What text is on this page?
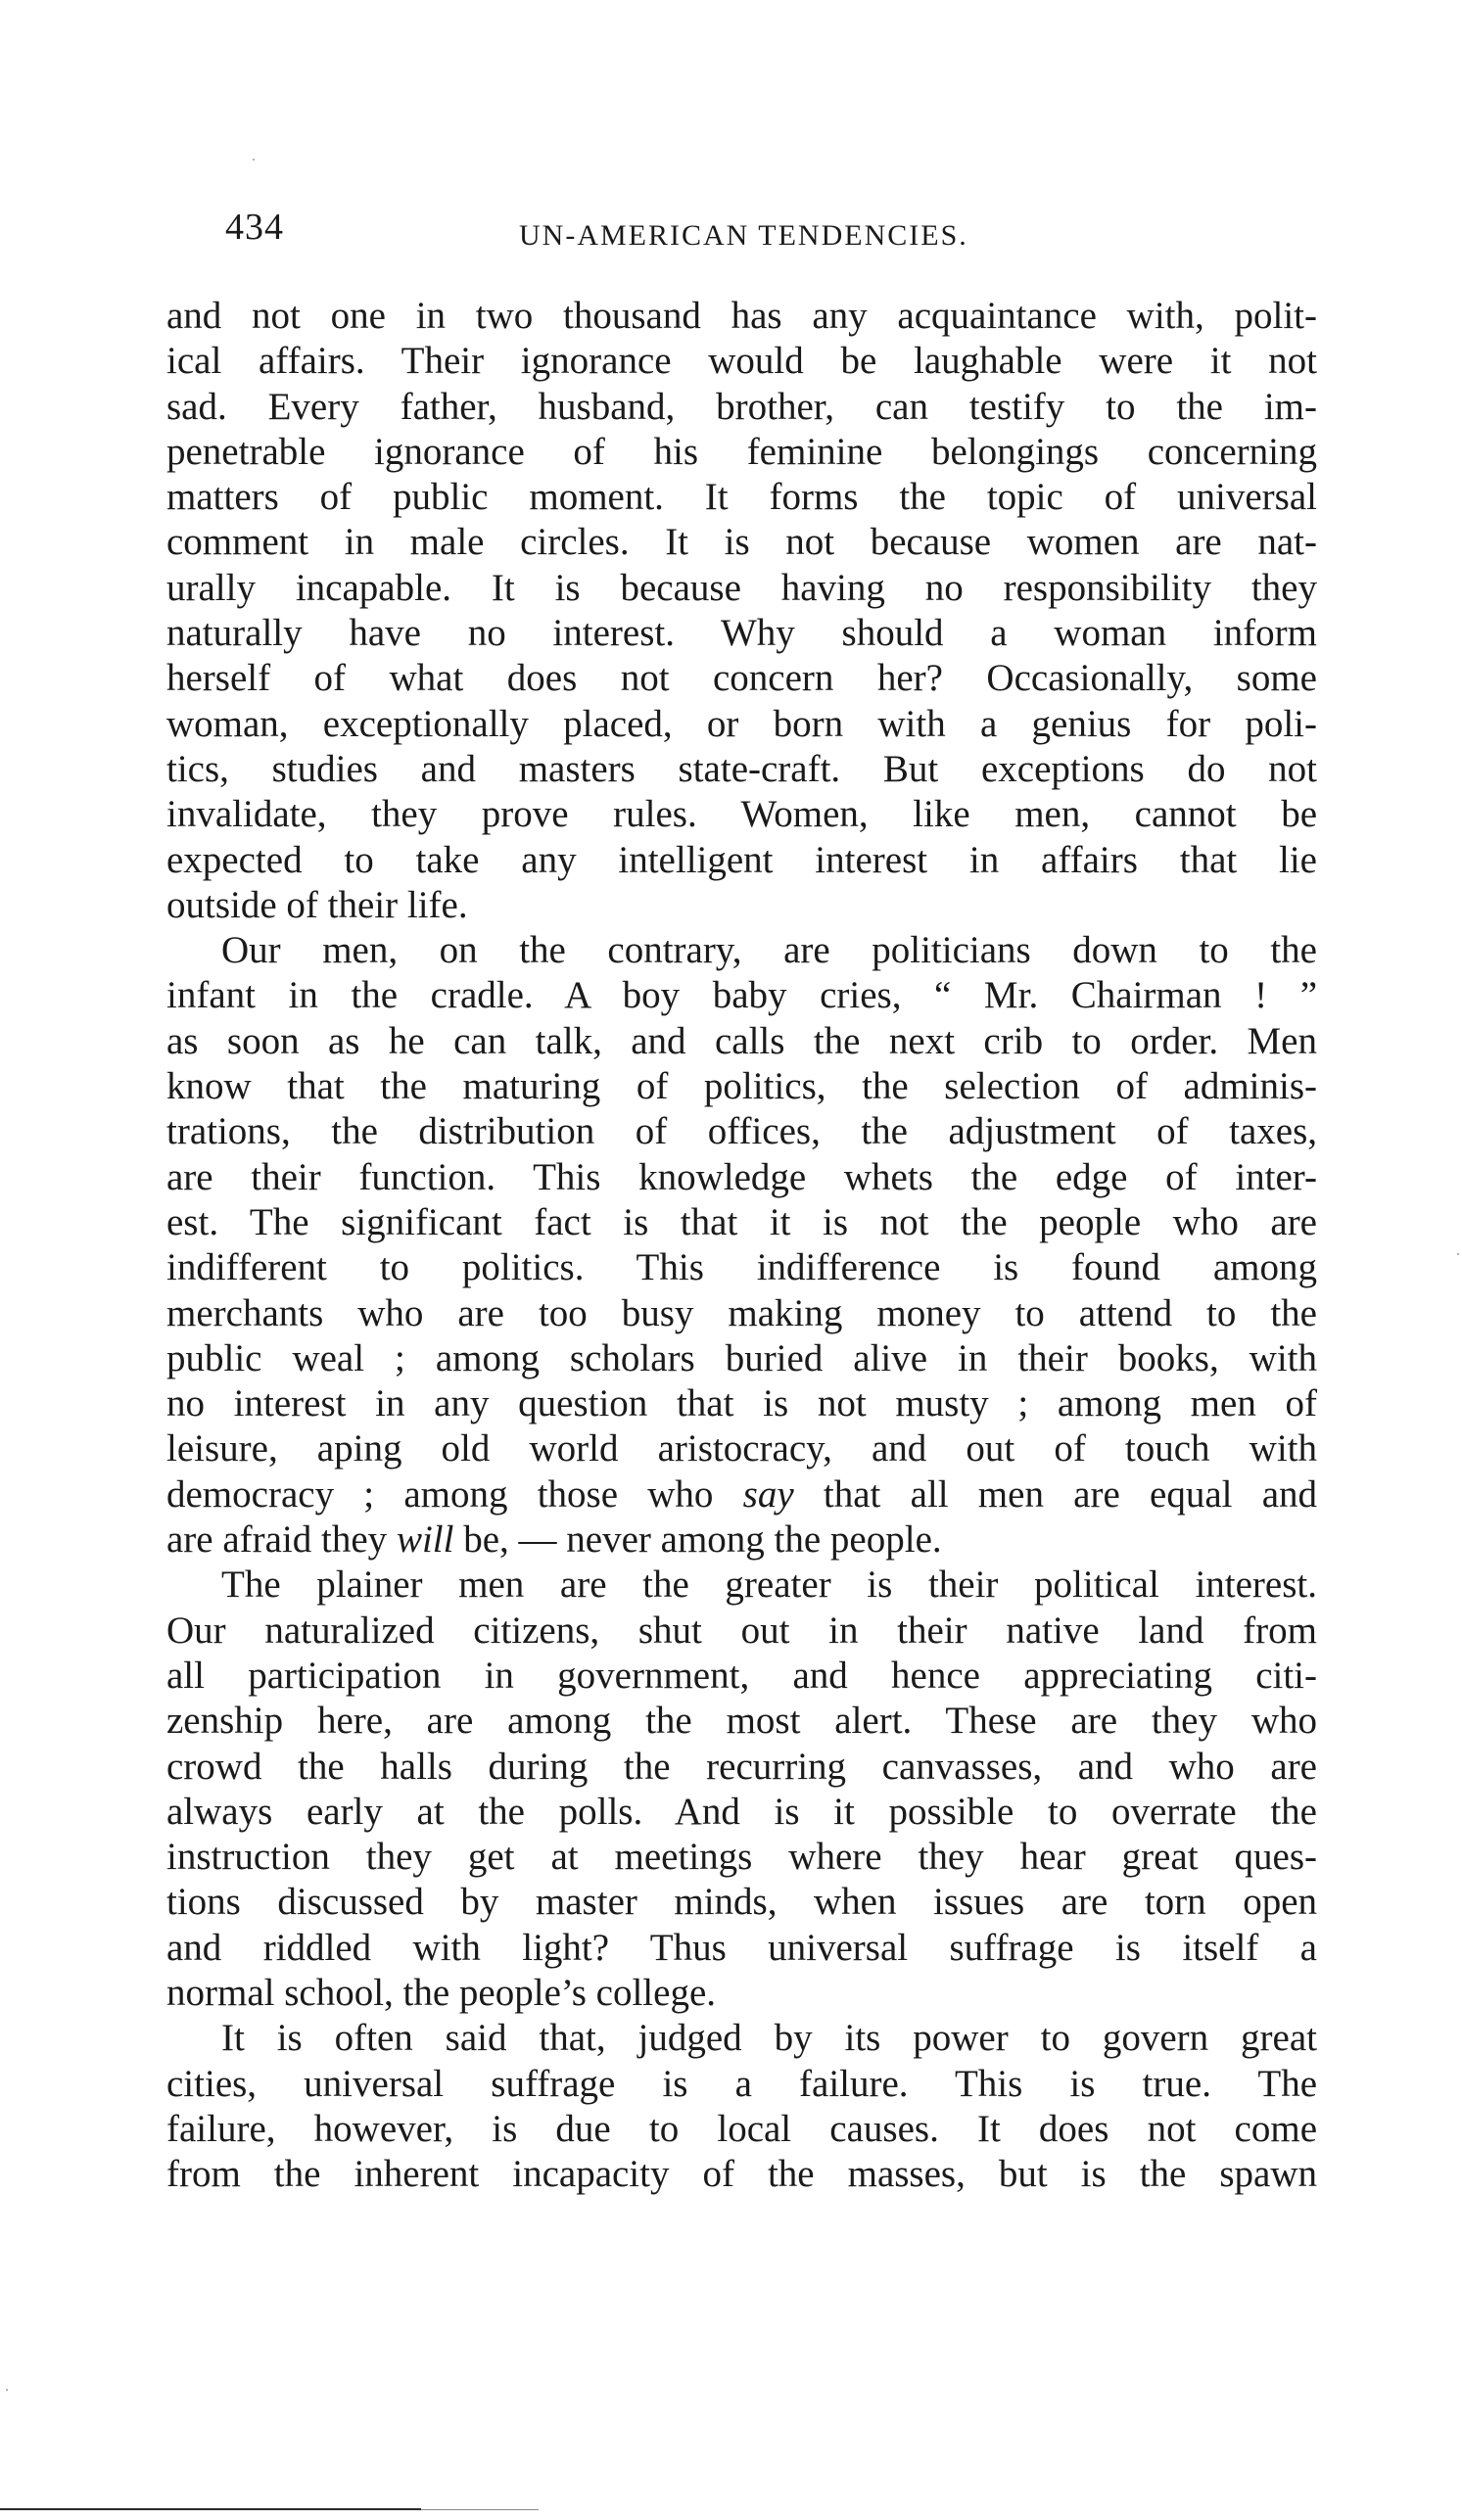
434	UN-AMERICAN TENDENCIES.
and not one in two thousand has any acquaintance with, polit-
ical affairs. Their ignorance would be laughable were it not
sad. Every father, husband, brother, can testify to the im-
penetrable ignorance of his feminine belongings concerning
matters of public moment. It forms the topic of universal
comment in male circles. It is not because women are nat-
urally incapable. It is because having no responsibility they
naturally have no interest. Why should a woman inform
herself of what does not concern her? Occasionally, some
woman, exceptionally placed, or born with a genius for poli-
tics, studies and masters state-craft. But exceptions do not
invalidate, they prove rules. Women, like men, cannot be
expected to take any intelligent interest in affairs that lie
outside of their life.
Our men, on the contrary, are politicians down to the
infant in the cradle. A boy baby cries, “ Mr. Chairman ! ”
as soon as he can talk, and calls the next crib to order. Men
know that the maturing of politics, the selection of adminis-
trations, the distribution of offices, the adjustment of taxes,
are their function. This knowledge whets the edge of inter-
est. The significant fact is that it is not the people who are
indifferent to politics. This indifference is found among
merchants who are too busy making money to attend to the
public weal ; among scholars buried alive in their books, with
no interest in any question that is not musty ; among men of
leisure, aping old world aristocracy, and out of touch with
democracy ; among those who say that all men are equal and
are afraid they will be, — never among the people.
The plainer men are the greater is their political interest.
Our naturalized citizens, shut out in their native land from
all participation in government, and hence appreciating citi-
zenship here, are among the most alert. These are they who
crowd the halls during the recurring canvasses, and who are
always early at the polls. And is it possible to overrate the
instruction they get at meetings where they hear great ques-
tions discussed by master minds, when issues are torn open
and riddled with light? Thus universal suffrage is itself a
normal school, the people’s college.
It is often said that, judged by its power to govern great
cities, universal suffrage is a failure. This is true. The
failure, however, is due to local causes. It does not come
from the inherent incapacity of the masses, but is the spawn
